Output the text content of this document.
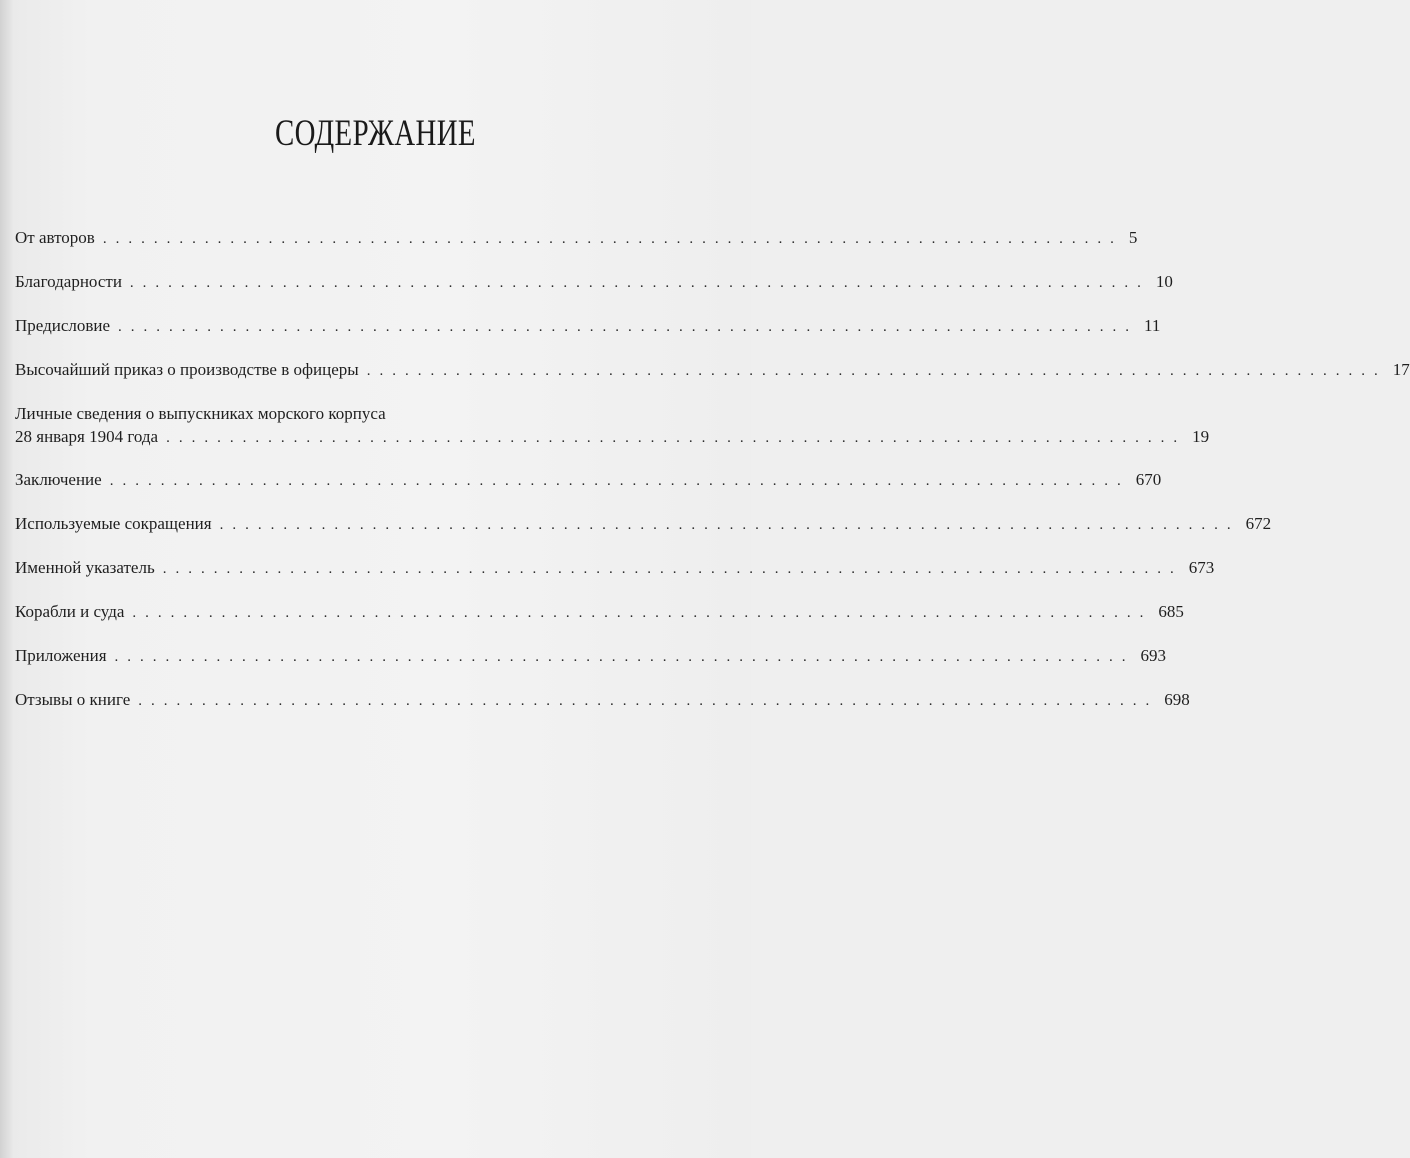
СОДЕРЖАНИЕ
От авторов ................................................................................ 5
Благодарности ................................................................................ 10
Предисловие ................................................................................ 11
Высочайший приказ о производстве в офицеры ................................................................................ 17
Личные сведения о выпускниках морского корпуса
28 января 1904 года ................................................................................ 19
Заключение ................................................................................ 670
Используемые сокращения ................................................................................ 672
Именной указатель ................................................................................ 673
Корабли и суда ................................................................................ 685
Приложения ................................................................................ 693
Отзывы о книге ................................................................................ 698
